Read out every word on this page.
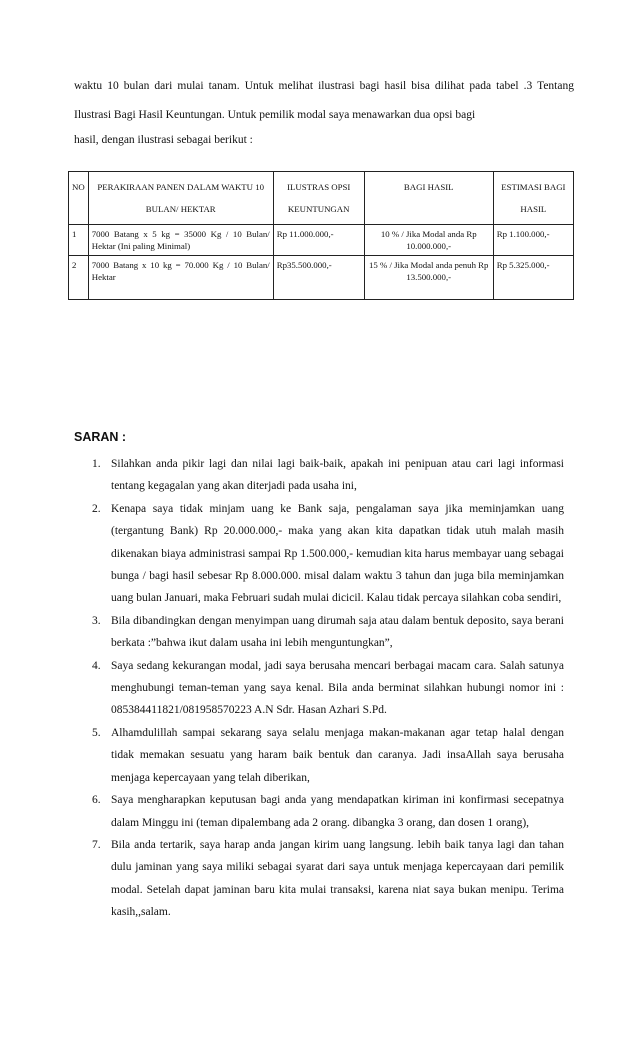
waktu 10 bulan dari mulai tanam. Untuk melihat ilustrasi bagi hasil bisa dilihat pada tabel .3 Tentang Ilustrasi Bagi Hasil Keuntungan. Untuk pemilik modal saya menawarkan dua opsi bagi

hasil, dengan ilustrasi sebagai berikut :
NO	PERAKIRAAN PANEN DALAM WAKTU 10 BULAN/ HEKTAR	ILUSTRAS OPSI KEUNTUNGAN	BAGI HASIL	ESTIMASI BAGI HASIL
1	7000 Batang x 5 kg = 35000 Kg / 10 Bulan/ Hektar (Ini paling Minimal)	Rp 11.000.000,-	10 % / Jika Modal anda Rp 10.000.000,-	Rp 1.100.000,-
2	7000 Batang x 10 kg = 70.000 Kg / 10 Bulan/ Hektar	Rp35.500.000,-	15 % / Jika Modal anda penuh Rp 13.500.000,-	Rp 5.325.000,-
SARAN :
1. Silahkan anda pikir lagi dan nilai lagi baik-baik, apakah ini penipuan atau cari lagi informasi tentang kegagalan yang akan diterjadi pada usaha ini,
2. Kenapa saya tidak minjam uang ke Bank saja, pengalaman saya jika meminjamkan uang (tergantung Bank) Rp 20.000.000,- maka yang akan kita dapatkan tidak utuh malah masih dikenakan biaya administrasi sampai Rp 1.500.000,- kemudian kita harus membayar uang sebagai bunga / bagi hasil sebesar Rp 8.000.000. misal dalam waktu 3 tahun dan juga bila meminjamkan uang bulan Januari, maka Februari sudah mulai dicicil. Kalau tidak percaya silahkan coba sendiri,
3. Bila dibandingkan dengan menyimpan uang dirumah saja atau dalam bentuk deposito, saya berani berkata :”bahwa ikut dalam usaha ini lebih menguntungkan”,
4. Saya sedang kekurangan modal, jadi saya berusaha mencari berbagai macam cara. Salah satunya menghubungi teman-teman yang saya kenal. Bila anda berminat silahkan hubungi nomor ini : 085384411821/081958570223 A.N Sdr. Hasan Azhari S.Pd.
5. Alhamdulillah sampai sekarang saya selalu menjaga makan-makanan agar tetap halal dengan tidak memakan sesuatu yang haram baik bentuk dan caranya. Jadi insaAllah saya berusaha menjaga kepercayaan yang telah diberikan,
6. Saya mengharapkan keputusan bagi anda yang mendapatkan kiriman ini konfirmasi secepatnya dalam Minggu ini (teman dipalembang ada 2 orang. dibangka 3 orang, dan dosen 1 orang),
7. Bila anda tertarik, saya harap anda jangan kirim uang langsung. lebih baik tanya lagi dan tahan dulu jaminan yang saya miliki sebagai syarat dari saya untuk menjaga kepercayaan dari pemilik modal. Setelah dapat jaminan baru kita mulai transaksi, karena niat saya bukan menipu. Terima kasih,,salam.
